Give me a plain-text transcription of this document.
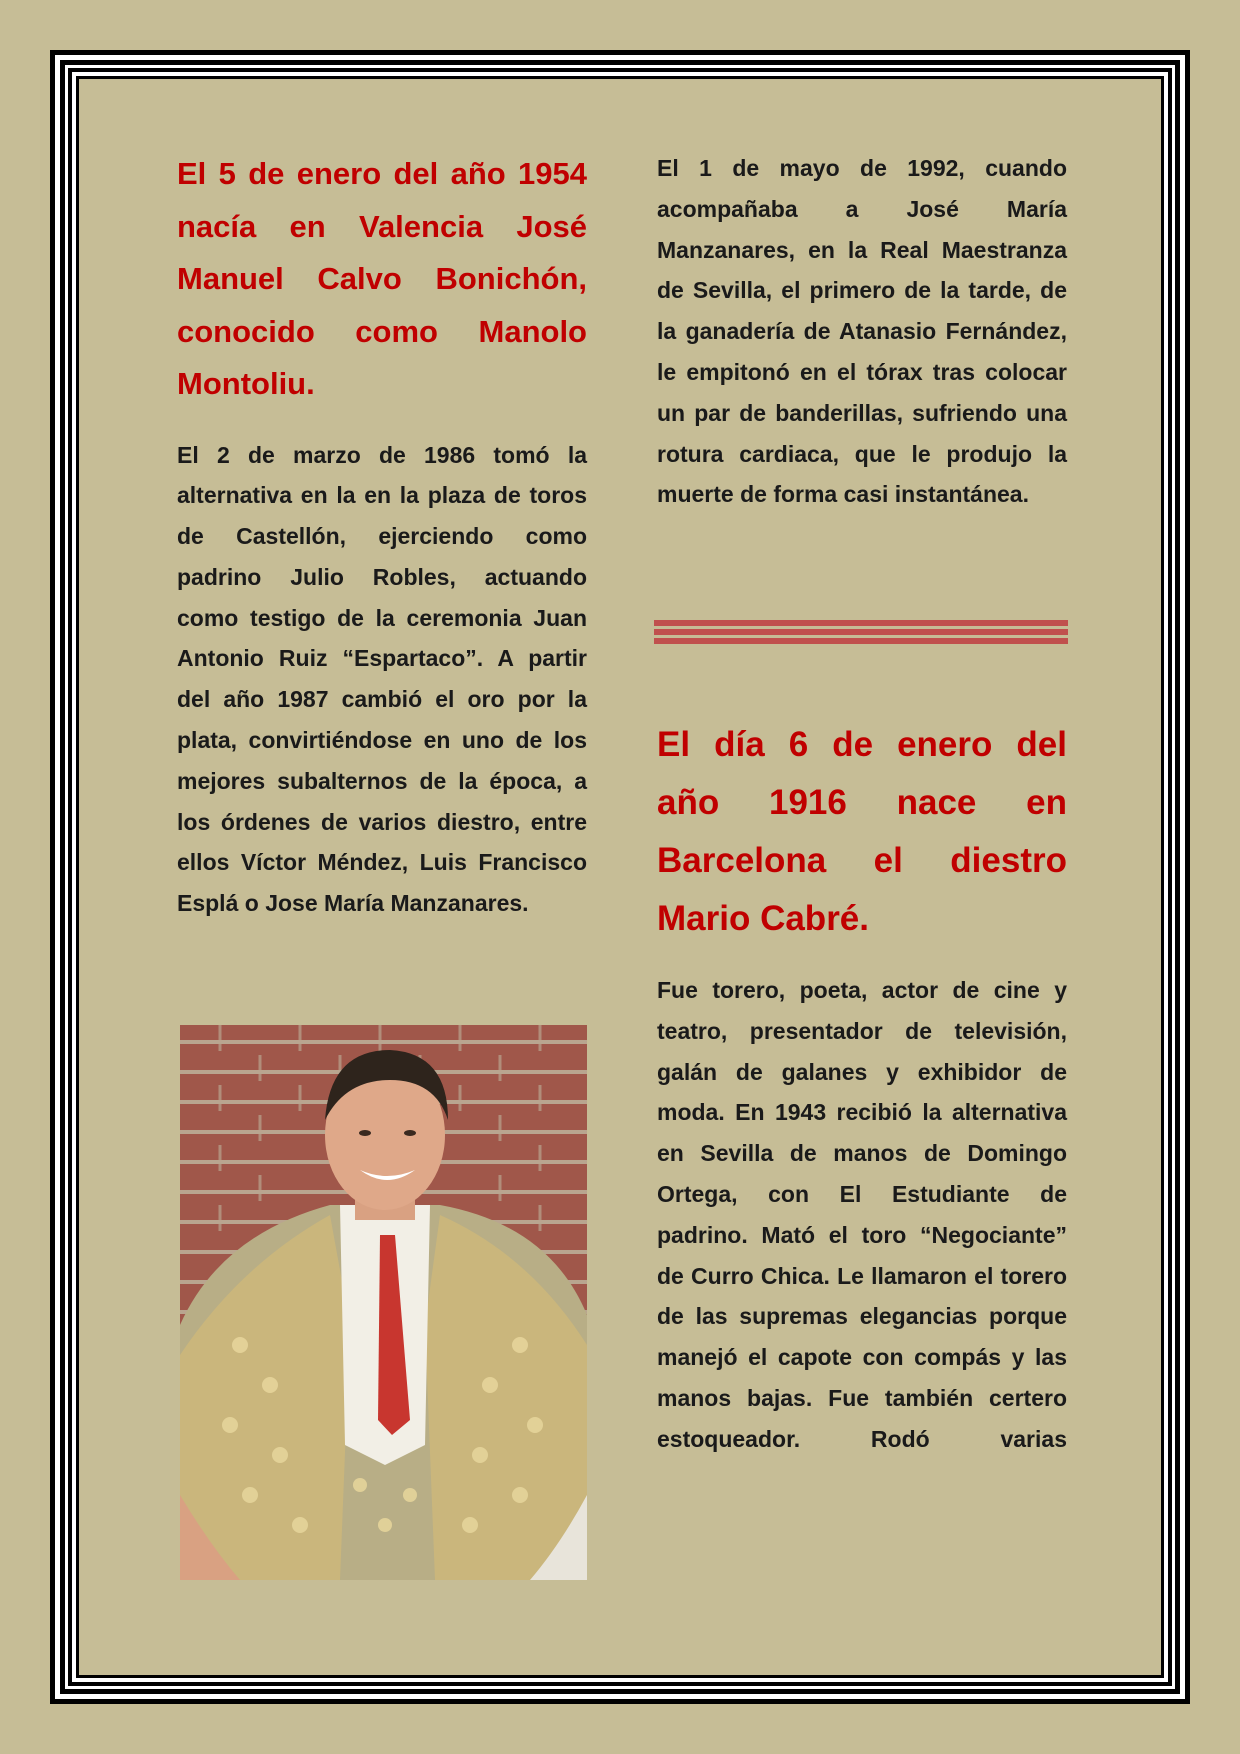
El 5 de enero del año 1954 nacía en Valencia José Manuel Calvo Bonichón, conocido como Manolo Montoliu.

El 2 de marzo de 1986 tomó la alternativa en la en la plaza de toros de Castellón, ejerciendo como padrino Julio Robles, actuando como testigo de la ceremonia Juan Antonio Ruiz “Espartaco”. A partir del año 1987 cambió el oro por la plata, convirtiéndose en uno de los mejores subalternos de la época, a los órdenes de varios diestro, entre ellos Víctor Méndez, Luis Francisco Esplá o Jose María Manzanares.

El 1 de mayo de 1992, cuando acompañaba a José María Manzanares, en la Real Maestranza de Sevilla, el primero de la tarde, de la ganadería de Atanasio Fernández, le empitonó en el tórax tras colocar un par de banderillas, sufriendo una rotura cardiaca, que le produjo la muerte de forma casi instantánea.

El día 6 de enero del año 1916 nace en Barcelona el diestro Mario Cabré.

Fue torero, poeta, actor de cine y teatro, presentador de televisión, galán de galanes y exhibidor de moda. En 1943 recibió la alternativa en Sevilla de manos de Domingo Ortega, con El Estudiante de padrino. Mató el toro “Negociante” de Curro Chica. Le llamaron el torero de las supremas elegancias porque manejó el capote con compás y las manos bajas. Fue también certero estoqueador. Rodó varias
